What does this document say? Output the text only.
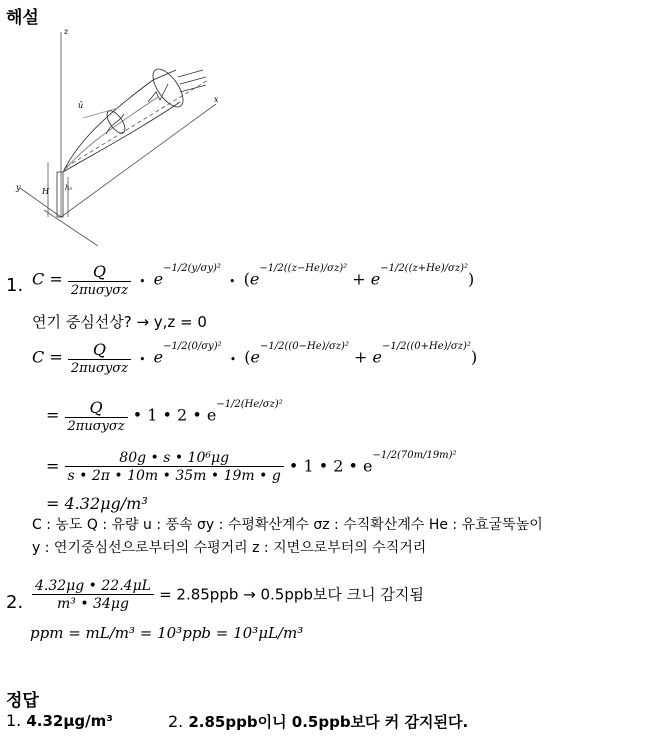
해설
z
x
y
ū
H h₀
1. $C = \frac{Q}{\text{2πuσyσz}}$ • $e^{-1/2(y/\sigma y)^2}$ • $(e^{-1/2((z-He)/\sigma z)^2} + e^{-1/2((z+He)/\sigma z)^2})$
연기 중심선상? → y,z = 0
$C = \frac{Q}{\text{2πuσyσz}}$ • $e^{-1/2(0/\sigma y)^2}$ • $(e^{-1/2((0-He)/\sigma z)^2} + e^{-1/2((0+He)/\sigma z)^2})$
= $\frac{Q}{\text{2πuσyσz}}$ • 1 • 2 • $e^{-1/2(He/\sigma z)^2}$
= $\frac{\text{80g • s • 10⁶μg}}{s • 2\pi • 10m • 35m • 19m • g}$ • 1 • 2 • $e^{-1/2(70m/19m)^2}$
= 4.32μg/m³
C : 농도 Q : 유량 u : 풍속 σy : 수평확산계수 σz : 수직확산계수 He : 유효굴뚝높이
y : 연기중심선으로부터의 수평거리 z : 지면으로부터의 수직거리
2. $\frac{4.32\mu g • 22.4\mu L}{\text{m³ • 34μg}} = 2.85ppb \to 0.5ppb$보다 크니 감지됨
ppm = mL/m³ = 10³ppb = 10³μL/m³
정답
1. 4.32μg/m³	2. 2.85ppb이니 0.5ppb보다 커 감지된다.
